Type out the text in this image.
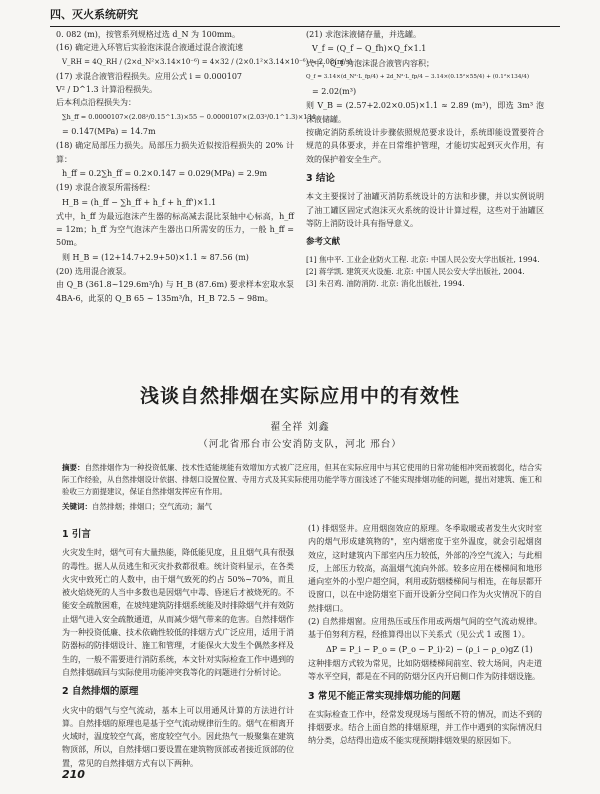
四、灭火系统研究

0. 082 (m)，按管系列规格过选 d_N 为 100mm。

(16) 确定进入环管后实验泡沫混合液通过混合液流速

V_RH = 4Q_RH / (2×d_N²×3.14×10⁻⁶) = 4×32 / (2×0.1²×3.14×10⁻⁶) ≈ 2.08(m/s)

(17) 求混合液管沿程损失。应用公式 i = 0.000107

V² / D^1.3 计算沿程损失。

后本利点沿程损失为：

∑h_ff = 0.0000107×(2.08²/0.15^1.3)×55 − 0.0000107×(2.03²/0.1^1.3)×134
= 0.147(MPa) = 14.7m

(18) 确定局部压力损失。局部压力损失近似按沿程损失的 20% 计算：

h_ff = 0.2∑h_ff = 0.2×0.147 = 0.029(MPa) = 2.9m

(19) 求混合液泵所需扬程：

H_B = (h_ff − ∑h_ff + h_f + h_ff')×1.1

式中，h_ff 为最远泡沫产生器的标高减去混比泵轴中心标高，h_ff = 12m；h_ff 为空气泡沫产生器出口所需安的压力，一般 h_ff = 50m。

则 H_B = (12+14.7+2.9+50)×1.1 ≈ 87.56 (m)

(20) 选用混合液泵。

由 Q_B (361.8~129.6m³/h) 与 H_B (87.6m) 要求样本宏取水泵 4BA-6，此泵的 Q_B 65 ~ 135m³/h，H_B 72.5 ~ 98m。

(21) 求泡沫液储存量，并选罐。

V_f = (Q_f − Q_fh)×Q_f×1.1

式中，Q_f 为泡沫混合液管内容积；

Q_f = 3.14×(d_N²·L_fp/4) + 2d_N²·L_fp/4 − 3.14×(0.15²×55/4) + (0.1²×134/4)
= 2.02(m³)

则 V_B = (2.57+2.02×0.05)×1.1 ≈ 2.89 (m³)，即选 3m³ 泡沫液储罐。

按确定消防系统设计步骤依照规范要求设计，系统即能设置要符合规范的具体要求，并在日常维护管理，才能切实起到灭火作用，有效的保护着安全生产。

3 结论

本文主要探讨了油罐灭消防系统设计的方法和步骤，并以实例说明了油工罐区固定式泡沫灭火系统的设计计算过程，这些对于油罐区等防上消防设计具有指导意义。

参考文献

[1] 焦中平. 工业企业防火工程. 北京: 中国人民公安大学出版社, 1994.

[2] 蒋学凯. 建筑灭火设施. 北京: 中国人民公安大学出版社, 2004.

[3] 朱召鸡. 油防消防. 北京: 消化出版社, 1994.

浅谈自然排烟在实际应用中的有效性
翟全祥 刘鑫
（河北省邢台市公安消防支队，河北 邢台）

摘要：自然排烟作为一种投资低廉、技术性适能规能有效增加方式被广泛应用，但其在实际应用中与其它使用的日常功能相冲突而被弱化，结合实际工作经验，从自然排烟设计依据、排烟口设置位置、寺用方式及其实际使用功能学等方面浅述了不能实现排烟功能的问题，提出对建筑、施工和验收三方面提建议，保证自然排烟发挥应有作用。

关键词：自然排烟；排烟口；空气流动；漏气
1 引言

火灾发生时，烟气可有大量热能，降低能见度，且且烟气具有很强的毒性。据人从员逃生和灭灾扑救都很难。统计资料显示，在各类火灾中致死亡的人数中，由于烟气致死的约占 50%~70%，而且被火焰烧死的人当中多数也是因烟气中毒、昏迷后才被烧死的。不能安全疏散困难，在坡纯建筑防排烟系统能及时排除烟气并有效防止烟气进入安全疏散通道，从而减少烟气带来的危害。自然排烟作为一种投资低廉、技术依确性较低的排烟方式广泛应用，适用于消防器标的防排烟设计、施工和管理，才能保火大发生个偶然多样及生的，一般不需要进行消防系统，本文针对实际检查工作中遇到的自然排烟疏回与实际使用功能冲突我等化的问题进行分析讨论。

2 自然排烟的原理

火灾中的烟气与空气流动，基本上可以用通风计算的方法进行计算。自然排烟的原理也是基于空气流动规律衍生的。烟气在相离开火域时，温度较空气高，密度较空气小。因此热气一般聚集在建筑物顶部，所以，自然排烟口要设置在建筑物顶部或者接近顶部的位置，常见的自然排烟方式有以下两种。

(1) 排烟竖井。应用烟囱效应的原理。冬季取暖或者发生火灾时室内的烟气形成建筑物的"，室内烟密度于室外温度，就会引起烟囱效应，这时建筑内下部室内压力较低，外部的冷空气流入；与此相反，上部压力较高，高温烟气流向外部。较多应用在楼梯间和地形通向室外的小型户超空间，利用或防烟楼梯间与相连，在每层都开设窗口，以在中途防烟室下面开设新分空间口作为火灾情况下的自然排烟口。

(2) 自然排烟窗。应用热压或压作用或两烟气间的空气流动规律。基于伯努利方程，经推算得出以下关系式（见公式 1 或图 1）。

ΔP = P_i − P_o = (P_o − P_i)·2) − (ρ_i − ρ_o)gZ (1)

这种排烟方式较为常见，比如防烟楼梯间前室、较大场间，内走道等水平空间，都是在不同的防烟分区内开启侧口作为防排烟设施。

3 常见不能正常实现排烟功能的问题

在实际检查工作中，经常发现现场与图纸不符的情况，而达不到的排烟要求。结合上面自然的排烟原理，并工作中遇到的实际情况归纳分类，总结得出造成不能实现预期排烟效果的原因如下。

210
